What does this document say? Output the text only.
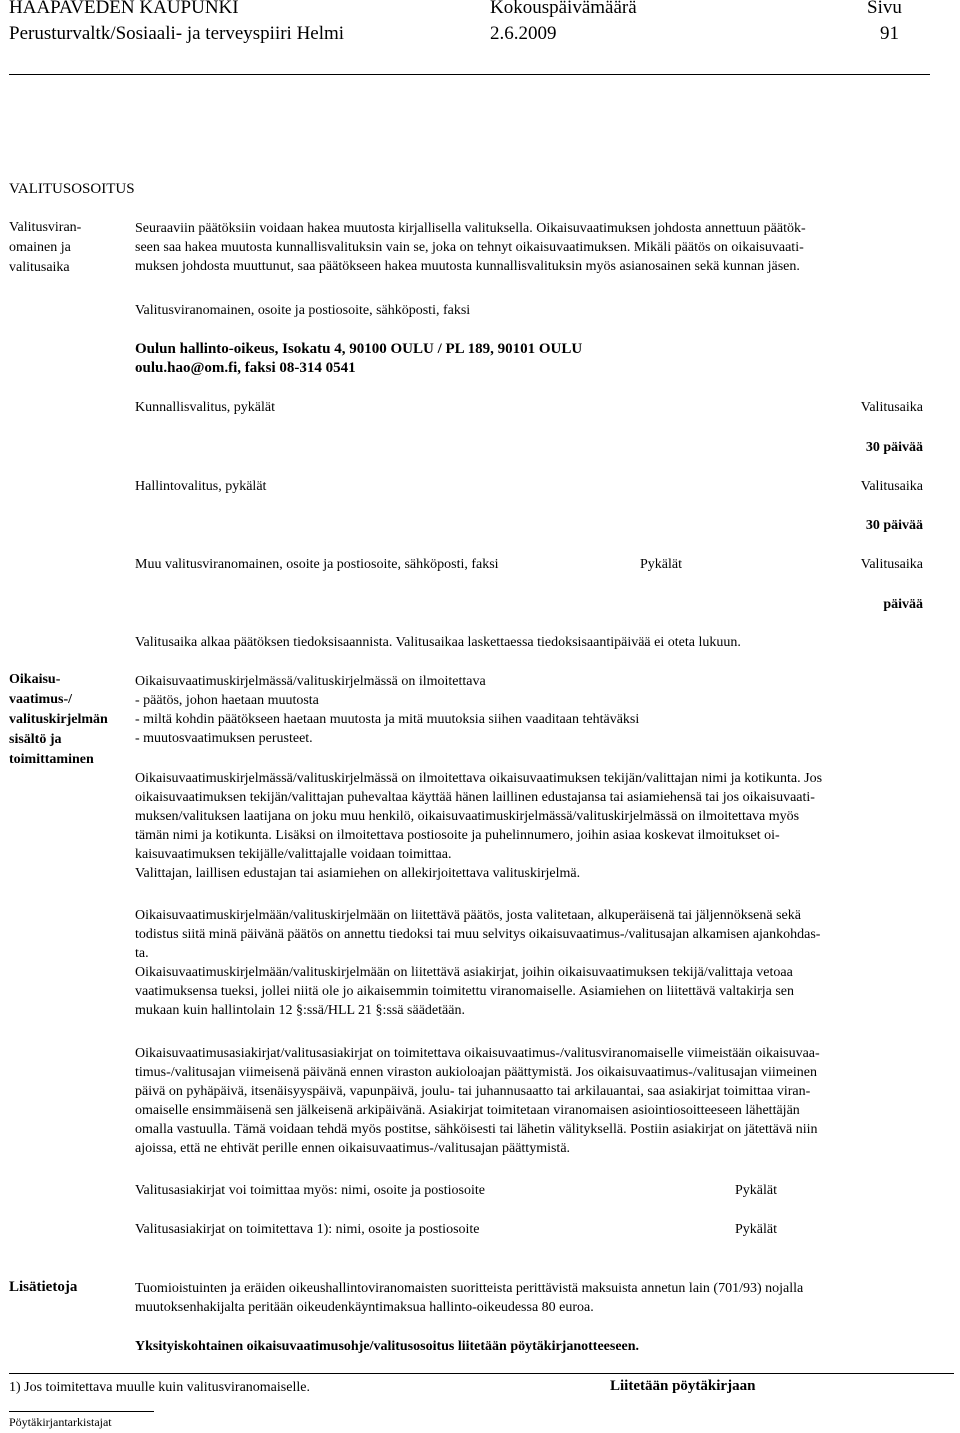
HAAPAVEDEN KAUPUNKI
Perusturvaltk/Sosiaali- ja terveyspiiri Helmi
Kokouspäivämäärä
2.6.2009
Sivu
91
VALITUSOSOITUS
Valitusviran-
omainen ja
valitusaika
Seuraaviin päätöksiin voidaan hakea muutosta kirjallisella valituksella. Oikaisuvaatimuksen johdosta annettuun päätök-
seen saa hakea muutosta kunnallisvalituksin vain se, joka on tehnyt oikaisuvaatimuksen. Mikäli päätös on oikaisuvaati-
muksen johdosta muuttunut, saa päätökseen hakea muutosta kunnallisvalituksin myös asianosainen sekä kunnan jäsen.
Valitusviranomainen, osoite ja postiosoite, sähköposti, faksi
Oulun hallinto-oikeus, Isokatu 4, 90100 OULU / PL 189, 90101 OULU
oulu.hao@om.fi, faksi 08-314 0541
Kunnallisvalitus, pykälät	Valitusaika
30 päivää
Hallintovalitus, pykälät	Valitusaika
30 päivää
Muu valitusviranomainen, osoite ja postiosoite, sähköposti, faksi	Pykälät	Valitusaika
päivää
Valitusaika alkaa päätöksen tiedoksisaannista. Valitusaikaa laskettaessa tiedoksisaantipäivää ei oteta lukuun.
Oikaisu-
vaatimus-/
valituskirjelmän
sisältö ja
toimittaminen
Oikaisuvaatimuskirjelmässä/valituskirjelmässä on ilmoitettava
- päätös, johon haetaan muutosta
- miltä kohdin päätökseen haetaan muutosta ja mitä muutoksia siihen vaaditaan tehtäväksi
- muutosvaatimuksen perusteet.
Oikaisuvaatimuskirjelmässä/valituskirjelmässä on ilmoitettava oikaisuvaatimuksen tekijän/valittajan nimi ja kotikunta. Jos
oikaisuvaatimuksen tekijän/valittajan puhevaltaa käyttää hänen laillinen edustajansa tai asiamiehensä tai jos oikaisuvaati-
muksen/valituksen laatijana on joku muu henkilö, oikaisuvaatimuskirjelmässä/valituskirjelmässä on ilmoitettava myös
tämän nimi ja kotikunta. Lisäksi on ilmoitettava postiosoite ja puhelinnumero, joihin asiaa koskevat ilmoitukset oi-
kaisuvaatimuksen tekijälle/valittajalle voidaan toimittaa.
Valittajan, laillisen edustajan tai asiamiehen on allekirjoitettava valituskirjelmä.
Oikaisuvaatimuskirjelmään/valituskirjelmään on liitettävä päätös, josta valitetaan, alkuperäisenä tai jäljennöksenä sekä
todistus siitä minä päivänä päätös on annettu tiedoksi tai muu selvitys oikaisuvaatimus-/valitusajan alkamisen ajankohdas-
ta.
Oikaisuvaatimuskirjelmään/valituskirjelmään on liitettävä asiakirjat, joihin oikaisuvaatimuksen tekijä/valittaja vetoaa
vaatimuksensa tueksi, jollei niitä ole jo aikaisemmin toimitettu viranomaiselle. Asiamiehen on liitettävä valtakirja sen
mukaan kuin hallintolain 12 §:ssä/HLL 21 §:ssä säädetään.
Oikaisuvaatimusasiakirjat/valitusasiakirjat on toimitettava oikaisuvaatimus-/valitusviranomaiselle viimeistään oikaisuvaa-
timus-/valitusajan viimeisenä päivänä ennen viraston aukioloajan päättymistä. Jos oikaisuvaatimus-/valitusajan viimeinen
päivä on pyhäpäivä, itsenäisyyspäivä, vapunpäivä, joulu- tai juhannusaatto tai arkilauantai, saa asiakirjat toimittaa viran-
omaiselle ensimmäisenä sen jälkeisenä arkipäivänä. Asiakirjat toimitetaan viranomaisen asiointiosoitteeseen lähettäjän
omalla vastuulla. Tämä voidaan tehdä myös postitse, sähköisesti tai lähetin välityksellä. Postiin asiakirjat on jätettävä niin
ajoissa, että ne ehtivät perille ennen oikaisuvaatimus-/valitusajan päättymistä.
Valitusasiakirjat voi toimittaa myös: nimi, osoite ja postiosoite	Pykälät
Valitusasiakirjat on toimitettava 1): nimi, osoite ja postiosoite	Pykälät
Lisätietoja	Tuomioistuinten ja eräiden oikeushallintoviranomaisten suoritteista perittävistä maksuista annetun lain (701/93) nojalla
muutoksenhakijalta peritään oikeudenkäyntimaksua hallinto-oikeudessa 80 euroa.
Yksityiskohtainen oikaisuvaatimusohje/valitusosoitus liitetään pöytäkirjanotteeseen.
1) Jos toimitettava muulle kuin valitusviranomaiselle.	Liitetään pöytäkirjaan
Pöytäkirjantarkistajat
